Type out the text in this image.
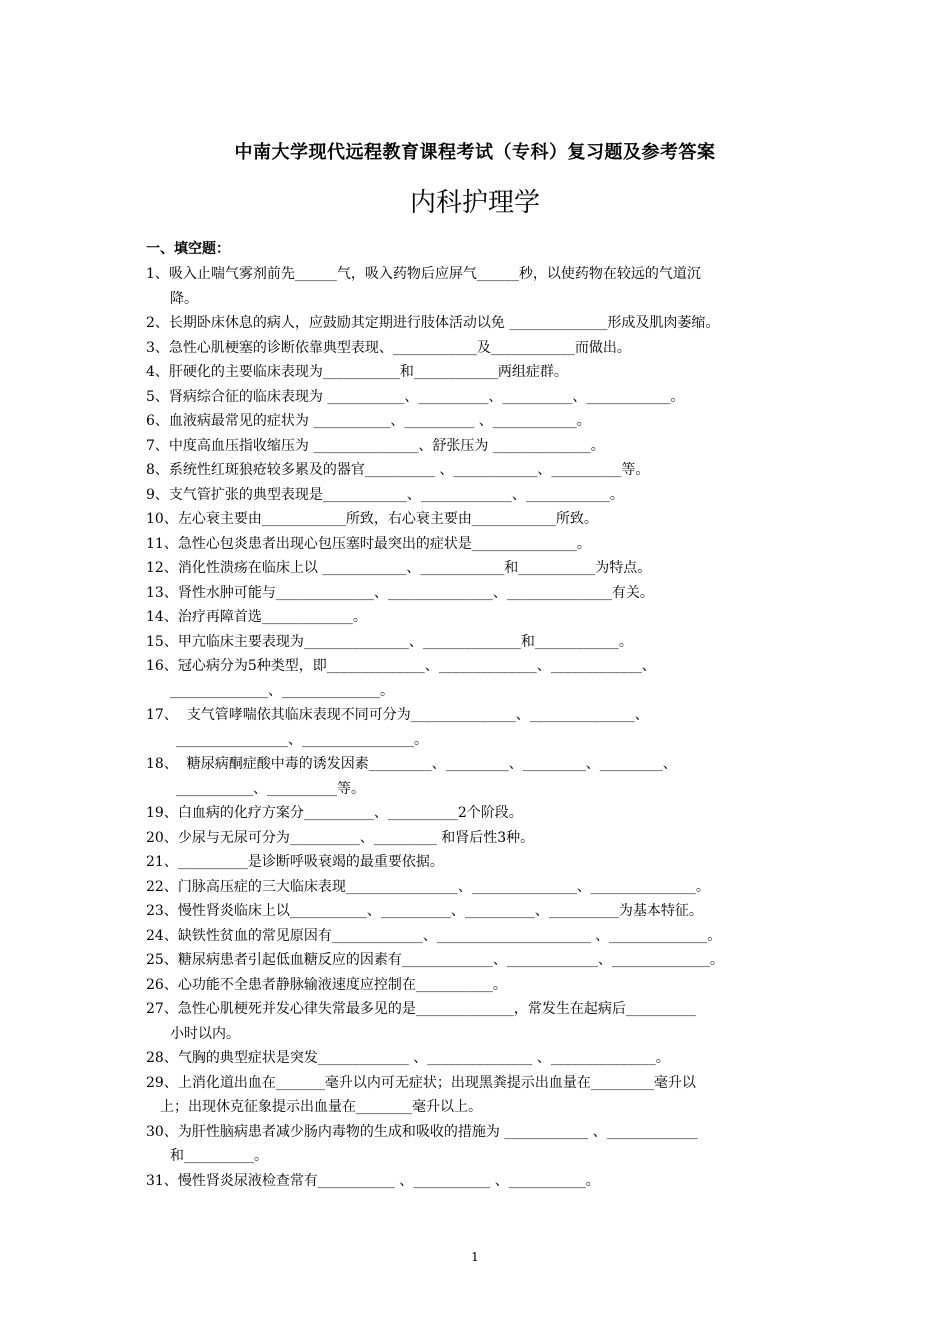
中南大学现代远程教育课程考试（专科）复习题及参考答案
内科护理学
一、填空题：

1、吸入止喘气雾剂前先______气，吸入药物后应屏气______秒，以使药物在较远的气道沉

降。

2、长期卧床休息的病人，应鼓励其定期进行肢体活动以免 ______________形成及肌肉萎缩。

3、急性心肌梗塞的诊断依靠典型表现、____________及____________而做出。

4、肝硬化的主要临床表现为___________和____________两组症群。

5、肾病综合征的临床表现为 ___________、__________、__________、____________。

6、血液病最常见的症状为 ___________、__________ 、____________。

7、中度高血压指收缩压为 _______________、舒张压为 ______________。

8、系统性红斑狼疮较多累及的器官__________ 、____________、__________等。

9、支气管扩张的典型表现是____________、_____________、____________。

10、左心衰主要由____________所致，右心衰主要由____________所致。

11、急性心包炎患者出现心包压塞时最突出的症状是_______________。

12、消化性溃疡在临床上以 ____________、____________和___________为特点。

13、肾性水肿可能与______________、_______________、_______________有关。

14、治疗再障首选_____________。

15、甲亢临床主要表现为_______________、______________和____________。

16、冠心病分为5种类型，即______________、______________、_____________、

______________、______________。

17、  支气管哮喘依其临床表现不同可分为_______________、_______________、

________________、________________。

18、  糖尿病酮症酸中毒的诱发因素_________、_________、_________、_________、

___________、__________等。

19、白血病的化疗方案分__________、__________2个阶段。

20、少尿与无尿可分为__________、_________ 和肾后性3种。

21、__________是诊断呼吸衰竭的最重要依据。

22、门脉高压症的三大临床表现________________、_______________、_______________。

23、慢性肾炎临床上以___________、__________、__________、__________为基本特征。

24、缺铁性贫血的常见原因有_____________、______________________ 、______________。

25、糖尿病患者引起低血糖反应的因素有_____________、_____________、______________。

26、心功能不全患者静脉输液速度应控制在___________。

27、急性心肌梗死并发心律失常最多见的是______________，常发生在起病后__________

小时以内。

28、气胸的典型症状是突发_____________ 、_______________ 、_______________。

29、上消化道出血在_______毫升以内可无症状；出现黑粪提示出血量在_________毫升以

上；出现休克征象提示出血量在________毫升以上。

30、为肝性脑病患者减少肠内毒物的生成和吸收的措施为 ____________ 、_____________

和__________。

31、慢性肾炎尿液检查常有___________ 、___________ 、___________。

1
